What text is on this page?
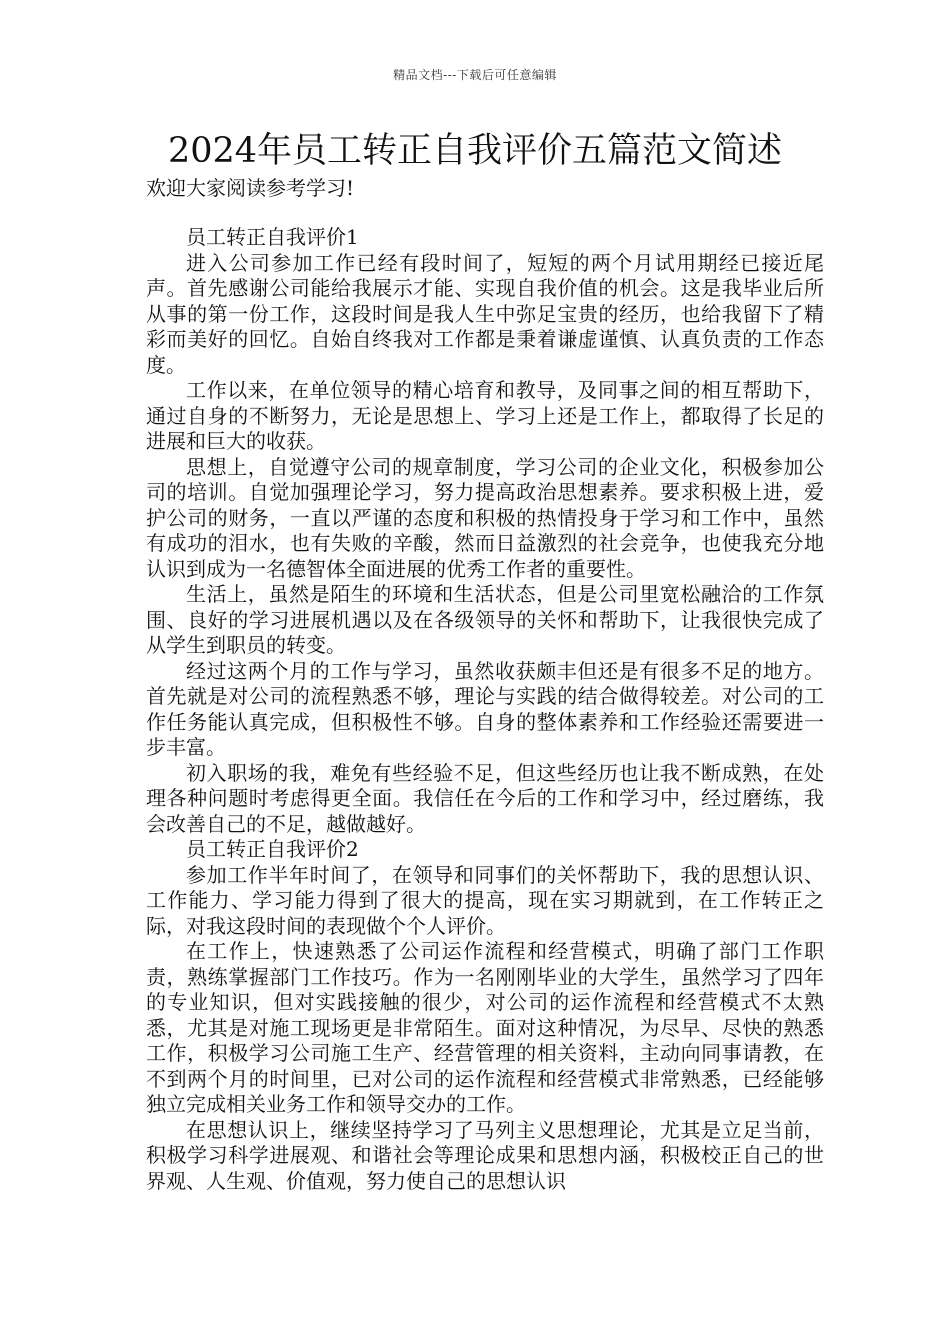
精品文档---下载后可任意编辑
2024年员工转正自我评价五篇范文简述

欢迎大家阅读参考学习!

员工转正自我评价1

进入公司参加工作已经有段时间了，短短的两个月试用期经已接近尾声。首先感谢公司能给我展示才能、实现自我价值的机会。这是我毕业后所从事的第一份工作，这段时间是我人生中弥足宝贵的经历，也给我留下了精彩而美好的回忆。自始自终我对工作都是秉着谦虚谨慎、认真负责的工作态度。

工作以来，在单位领导的精心培育和教导，及同事之间的相互帮助下，通过自身的不断努力，无论是思想上、学习上还是工作上，都取得了长足的进展和巨大的收获。

思想上，自觉遵守公司的规章制度，学习公司的企业文化，积极参加公司的培训。自觉加强理论学习，努力提高政治思想素养。要求积极上进，爱护公司的财务，一直以严谨的态度和积极的热情投身于学习和工作中，虽然有成功的泪水，也有失败的辛酸，然而日益激烈的社会竞争，也使我充分地认识到成为一名德智体全面进展的优秀工作者的重要性。

生活上，虽然是陌生的环境和生活状态，但是公司里宽松融洽的工作氛围、良好的学习进展机遇以及在各级领导的关怀和帮助下，让我很快完成了从学生到职员的转变。

经过这两个月的工作与学习，虽然收获颇丰但还是有很多不足的地方。首先就是对公司的流程熟悉不够，理论与实践的结合做得较差。对公司的工作任务能认真完成，但积极性不够。自身的整体素养和工作经验还需要进一步丰富。

初入职场的我，难免有些经验不足，但这些经历也让我不断成熟，在处理各种问题时考虑得更全面。我信任在今后的工作和学习中，经过磨练，我会改善自己的不足，越做越好。

员工转正自我评价2

参加工作半年时间了，在领导和同事们的关怀帮助下，我的思想认识、工作能力、学习能力得到了很大的提高，现在实习期就到，在工作转正之际，对我这段时间的表现做个个人评价。

在工作上，快速熟悉了公司运作流程和经营模式，明确了部门工作职责，熟练掌握部门工作技巧。作为一名刚刚毕业的大学生，虽然学习了四年的专业知识，但对实践接触的很少，对公司的运作流程和经营模式不太熟悉，尤其是对施工现场更是非常陌生。面对这种情况，为尽早、尽快的熟悉工作，积极学习公司施工生产、经营管理的相关资料，主动向同事请教，在不到两个月的时间里，已对公司的运作流程和经营模式非常熟悉，已经能够独立完成相关业务工作和领导交办的工作。

在思想认识上，继续坚持学习了马列主义思想理论，尤其是立足当前，积极学习科学进展观、和谐社会等理论成果和思想内涵，积极校正自己的世界观、人生观、价值观，努力使自己的思想认识
